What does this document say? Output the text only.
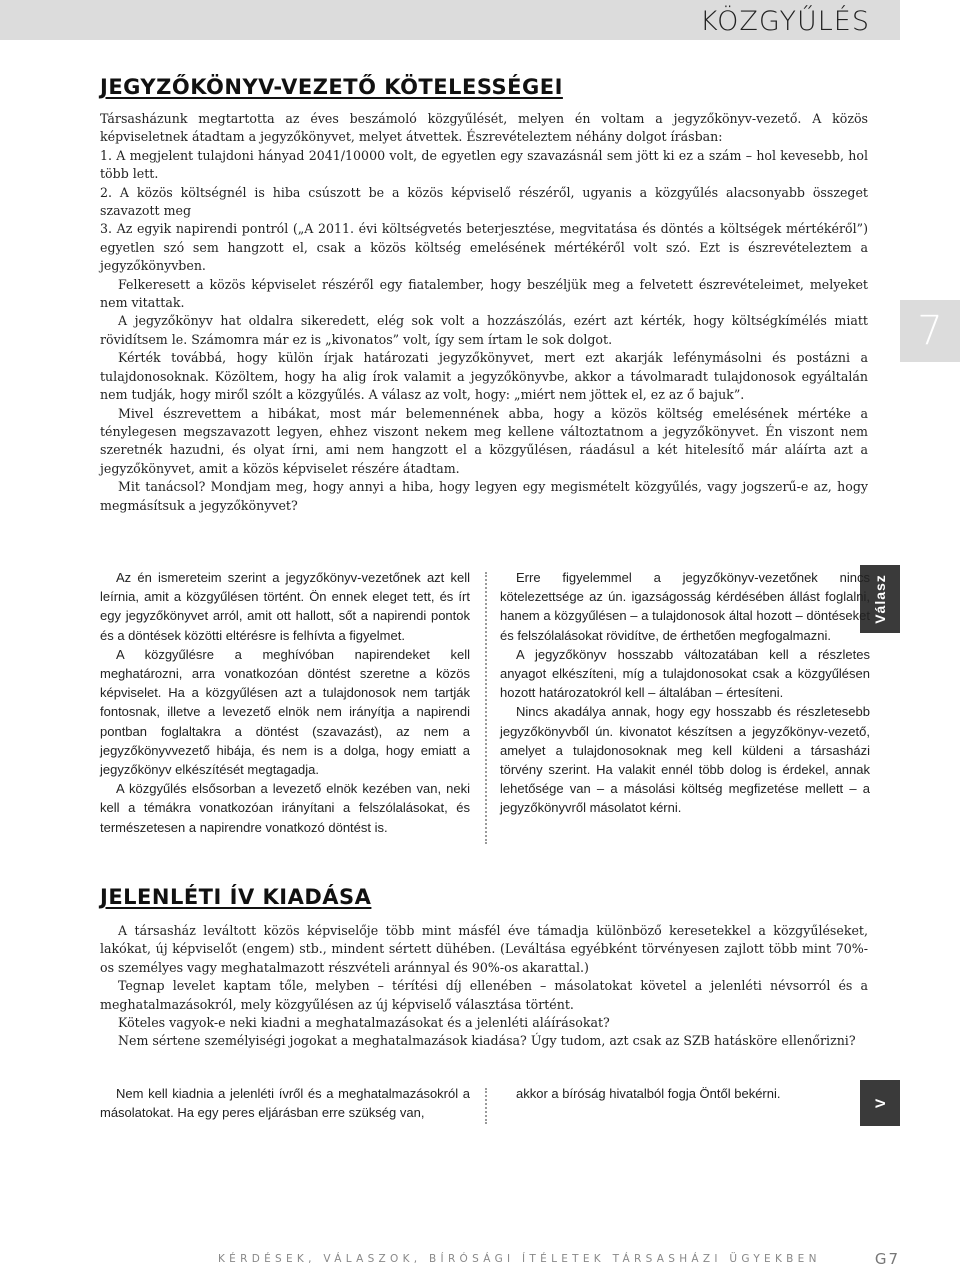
KÖZGYŰLÉS
7
JEGYZŐKÖNYV-VEZETŐ KÖTELESSÉGEI

Társasházunk megtartotta az éves beszámoló közgyűlését, melyen én voltam a jegyzőkönyv-vezető. A közös képviseletnek átadtam a jegyzőkönyvet, melyet átvettek. Észrevételeztem néhány dolgot írásban:

1. A megjelent tulajdoni hányad 2041/10000 volt, de egyetlen egy szavazásnál sem jött ki ez a szám – hol kevesebb, hol több lett.

2. A közös költségnél is hiba csúszott be a közös képviselő részéről, ugyanis a közgyűlés alacsonyabb összeget szavazott meg

3. Az egyik napirendi pontról („A 2011. évi költségvetés beterjesztése, megvitatása és döntés a költségek mértékéről”) egyetlen szó sem hangzott el, csak a közös költség emelésének mértékéről volt szó. Ezt is észrevételeztem a jegyzőkönyvben.

Felkeresett a közös képviselet részéről egy fiatalember, hogy beszéljük meg a felvetett észrevételeimet, melyeket nem vitattak.

A jegyzőkönyv hat oldalra sikeredett, elég sok volt a hozzászólás, ezért azt kérték, hogy költségkímélés miatt rövidítsem le. Számomra már ez is „kivonatos” volt, így sem írtam le sok dolgot.

Kérték továbbá, hogy külön írjak határozati jegyzőkönyvet, mert ezt akarják lefénymásolni és postázni a tulajdonosoknak. Közöltem, hogy ha alig írok valamit a jegyzőkönyvbe, akkor a távolmaradt tulajdonosok egyáltalán nem tudják, hogy miről szólt a közgyűlés. A válasz az volt, hogy: „miért nem jöttek el, ez az ő bajuk”.

Mivel észrevettem a hibákat, most már belemennének abba, hogy a közös költség emelésének mértéke a ténylegesen megszavazott legyen, ehhez viszont nekem meg kellene változtatnom a jegyzőkönyvet. Én viszont nem szeretnék hazudni, és olyat írni, ami nem hangzott el a közgyűlésen, ráadásul a két hitelesítő már aláírta azt a jegyzőkönyvet, amit a közös képviselet részére átadtam.

Mit tanácsol? Mondjam meg, hogy annyi a hiba, hogy legyen egy megismételt közgyűlés, vagy jogszerű-e az, hogy megmásítsuk a jegyzőkönyvet?

Válasz

Az én ismereteim szerint a jegyzőkönyv-vezetőnek azt kell leírnia, amit a közgyűlésen történt. Ön ennek eleget tett, és írt egy jegyzőkönyvet arról, amit ott hallott, sőt a napirendi pontok és a döntések közötti eltérésre is felhívta a figyelmet.

A közgyűlésre a meghívóban napirendeket kell meghatározni, arra vonatkozóan döntést szeretne a közös képviselet. Ha a közgyűlésen azt a tulajdonosok nem tartják fontosnak, illetve a levezető elnök nem irányítja a napirendi pontban foglaltakra a döntést (szavazást), az nem a jegyzőkönyvvezető hibája, és nem is a dolga, hogy emiatt a jegyzőkönyv elkészítését megtagadja.

A közgyűlés elsősorban a levezető elnök kezében van, neki kell a témákra vonatkozóan irányítani a felszólalásokat, és természetesen a napirendre vonatkozó döntést is.

Erre figyelemmel a jegyzőkönyv-vezetőnek nincs kötelezettsége az ún. igazságosság kérdésében állást foglalni, hanem a közgyűlésen – a tulajdonosok által hozott – döntéseket és felszólalásokat rövidítve, de érthetően megfogalmazni.

A jegyzőkönyv hosszabb változatában kell a részletes anyagot elkészíteni, míg a tulajdonosokat csak a közgyűlésen hozott határozatokról kell – általában – értesíteni.

Nincs akadálya annak, hogy egy hosszabb és részletesebb jegyzőkönyvből ún. kivonatot készítsen a jegyzőkönyv-vezető, amelyet a tulajdonosoknak meg kell küldeni a társasházi törvény szerint. Ha valakit ennél több dolog is érdekel, annak lehetősége van – a másolási költség megfizetése mellett – a jegyzőkönyvről másolatot kérni.

JELENLÉTI ÍV KIADÁSA

A társasház leváltott közös képviselője több mint másfél éve támadja különböző keresetekkel a közgyűléseket, lakókat, új képviselőt (engem) stb., mindent sértett dühében. (Leváltása egyébként törvényesen zajlott több mint 70%-os személyes vagy meghatalmazott részvételi aránnyal és 90%-os akarattal.)

Tegnap levelet kaptam tőle, melyben – térítési díj ellenében – másolatokat követel a jelenléti névsorról és a meghatalmazásokról, mely közgyűlésen az új képviselő választása történt.

Köteles vagyok-e neki kiadni a meghatalmazásokat és a jelenléti aláírásokat?

Nem sértene személyiségi jogokat a meghatalmazások kiadása? Úgy tudom, azt csak az SZB hatásköre ellenőrizni?

V

Nem kell kiadnia a jelenléti ívről és a meghatalmazásokról a másolatokat. Ha egy peres eljárásban erre szükség van,

akkor a bíróság hivatalból fogja Öntől bekérni.

KÉRDÉSEK, VÁLASZOK, BÍRÓSÁGI ÍTÉLETEK TÁRSASHÁZI ÜGYEKBEN	G7
